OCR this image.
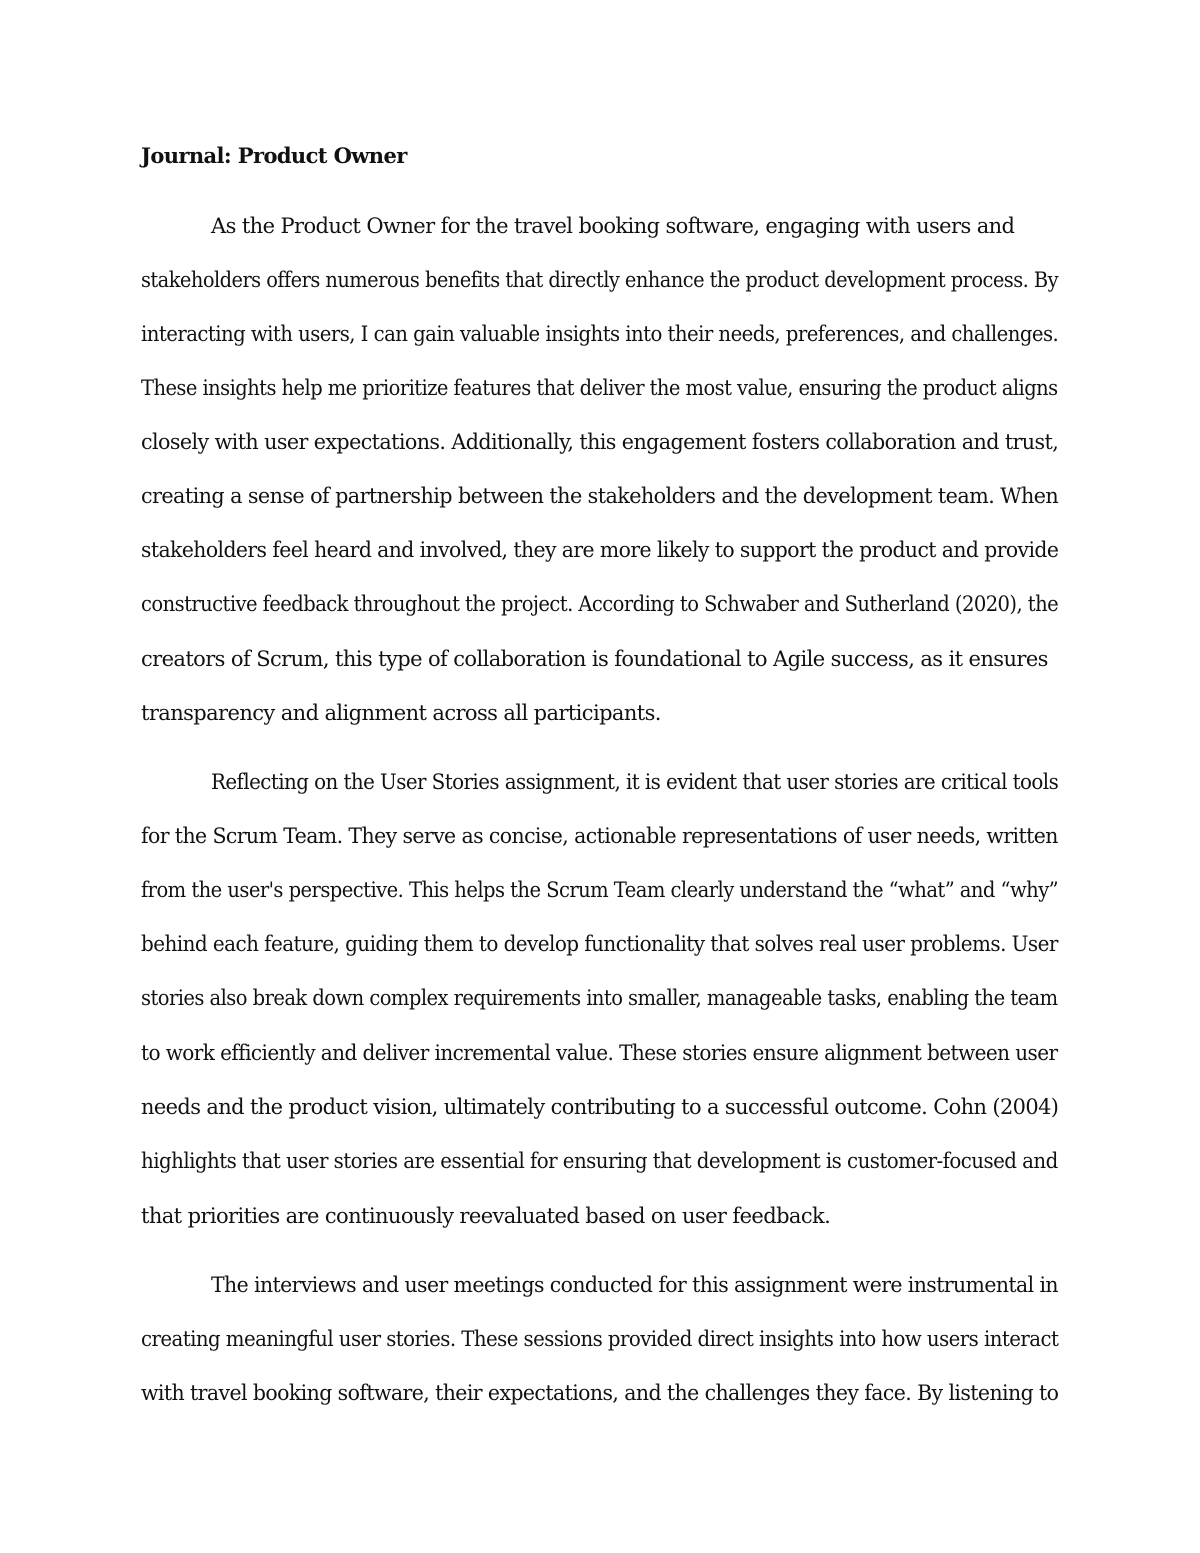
Journal: Product Owner

As the Product Owner for the travel booking software, engaging with users and

stakeholders offers numerous benefits that directly enhance the product development process. By

interacting with users, I can gain valuable insights into their needs, preferences, and challenges.

These insights help me prioritize features that deliver the most value, ensuring the product aligns

closely with user expectations. Additionally, this engagement fosters collaboration and trust,

creating a sense of partnership between the stakeholders and the development team. When

stakeholders feel heard and involved, they are more likely to support the product and provide

constructive feedback throughout the project. According to Schwaber and Sutherland (2020), the

creators of Scrum, this type of collaboration is foundational to Agile success, as it ensures

transparency and alignment across all participants.

Reflecting on the User Stories assignment, it is evident that user stories are critical tools

for the Scrum Team. They serve as concise, actionable representations of user needs, written

from the user's perspective. This helps the Scrum Team clearly understand the “what” and “why”

behind each feature, guiding them to develop functionality that solves real user problems. User

stories also break down complex requirements into smaller, manageable tasks, enabling the team

to work efficiently and deliver incremental value. These stories ensure alignment between user

needs and the product vision, ultimately contributing to a successful outcome. Cohn (2004)

highlights that user stories are essential for ensuring that development is customer-focused and

that priorities are continuously reevaluated based on user feedback.

The interviews and user meetings conducted for this assignment were instrumental in

creating meaningful user stories. These sessions provided direct insights into how users interact

with travel booking software, their expectations, and the challenges they face. By listening to
